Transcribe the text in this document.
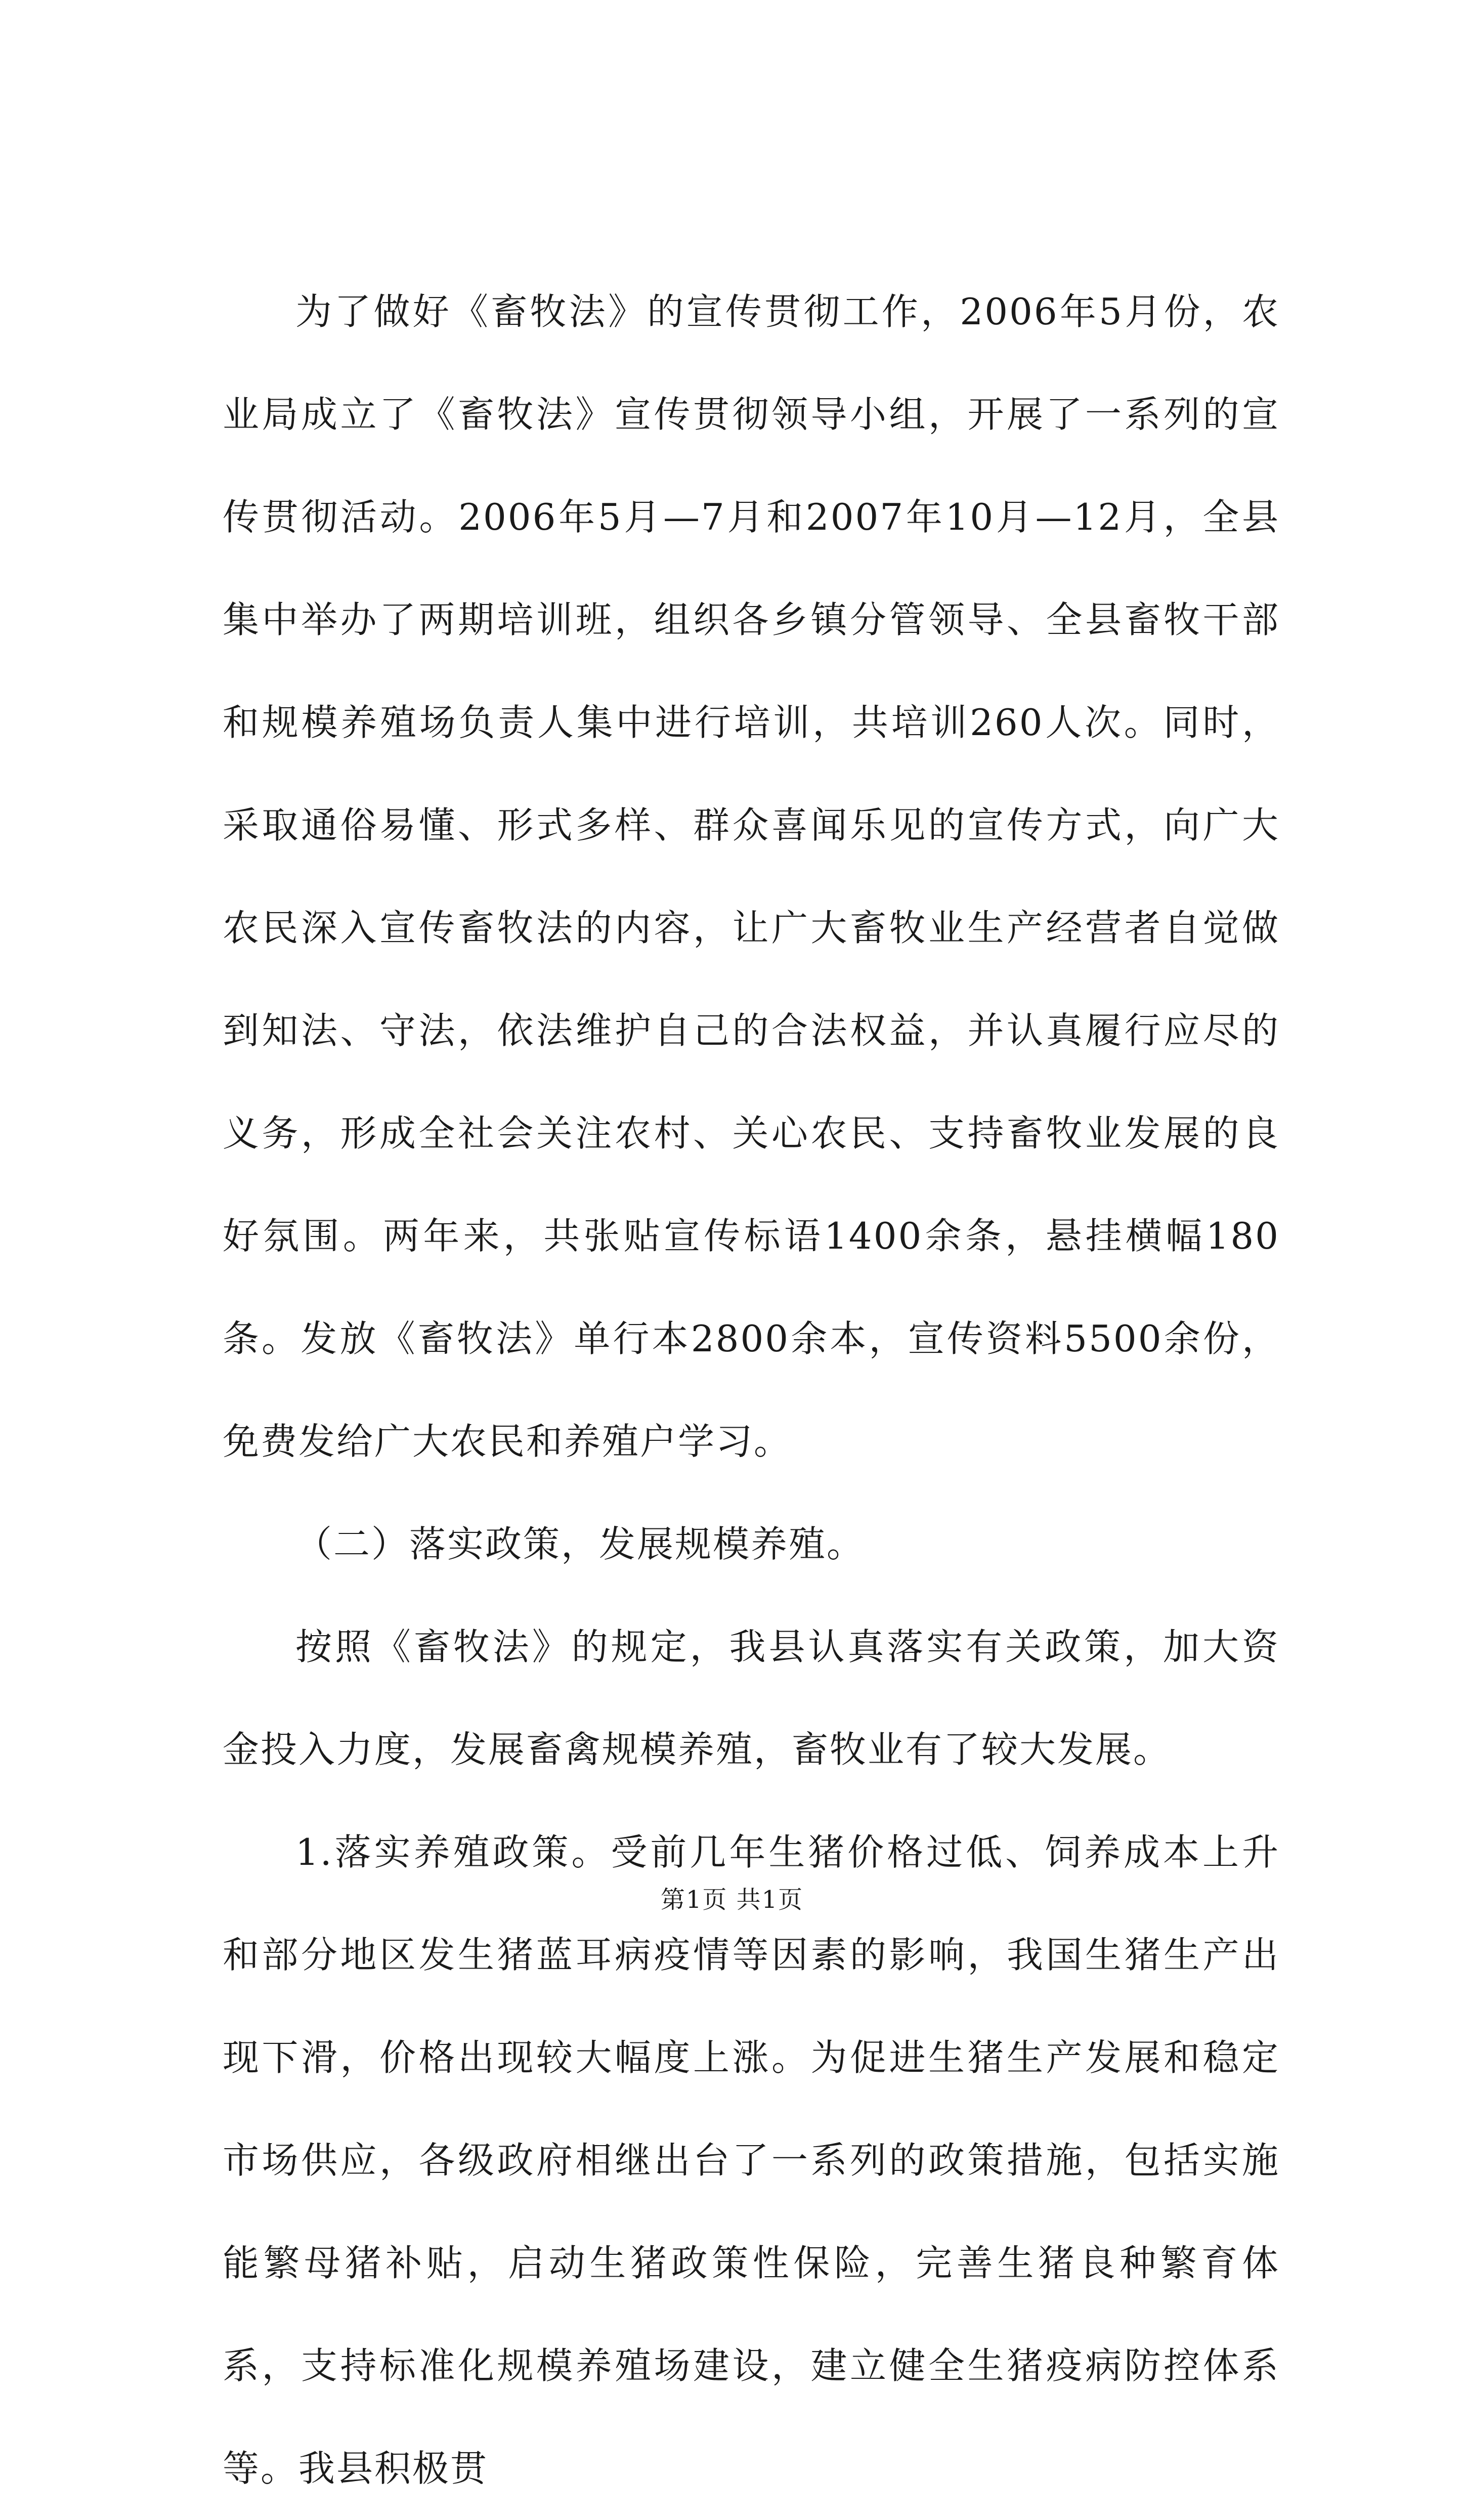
为了做好《畜牧法》的宣传贯彻工作，2006年5月份，农业局成立了《畜牧法》宣传贯彻领导小组，开展了一系列的宣传贯彻活动。2006年5月—7月和2007年10月—12月，全县集中举办了两期培训班，组织各乡镇分管领导、全县畜牧干部和规模养殖场负责人集中进行培训，共培训260人次。同时，采取通俗易懂、形式多样、群众喜闻乐见的宣传方式，向广大农民深入宣传畜牧法的内容，让广大畜牧业生产经营者自觉做到知法、守法，依法维护自己的合法权益，并认真履行应尽的义务，形成全社会关注农村、关心农民、支持畜牧业发展的良好氛围。两年来，共张贴宣传标语1400余条，悬挂横幅180条。发放《畜牧法》单行本2800余本，宣传资料5500余份，免费发给广大农民和养殖户学习。

（二）落实政策，发展规模养殖。

按照《畜牧法》的规定，我县认真落实有关政策，加大资金投入力度，发展畜禽规模养殖，畜牧业有了较大发展。

1.落实养殖政策。受前几年生猪价格过低、饲养成本上升和部分地区发生猪蓝耳病疫情等因素的影响，我国生猪生产出现下滑，价格出现较大幅度上涨。为促进生猪生产发展和稳定市场供应，各级政府相继出台了一系列的政策措施，包括实施能繁母猪补贴，启动生猪政策性保险，完善生猪良种繁育体系，支持标准化规模养殖场建设，建立健全生猪疫病防控体系等。我县积极贯

第1页 共1页
